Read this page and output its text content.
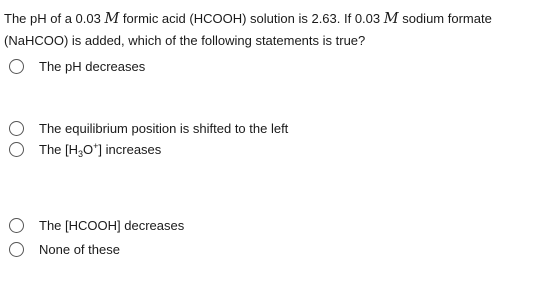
The pH of a 0.03 M formic acid (HCOOH) solution is 2.63. If 0.03 M sodium formate (NaHCOO) is added, which of the following statements is true?
The pH decreases
The equilibrium position is shifted to the left
The $[H_3O^+]$ increases
The [HCOOH] decreases
None of these
